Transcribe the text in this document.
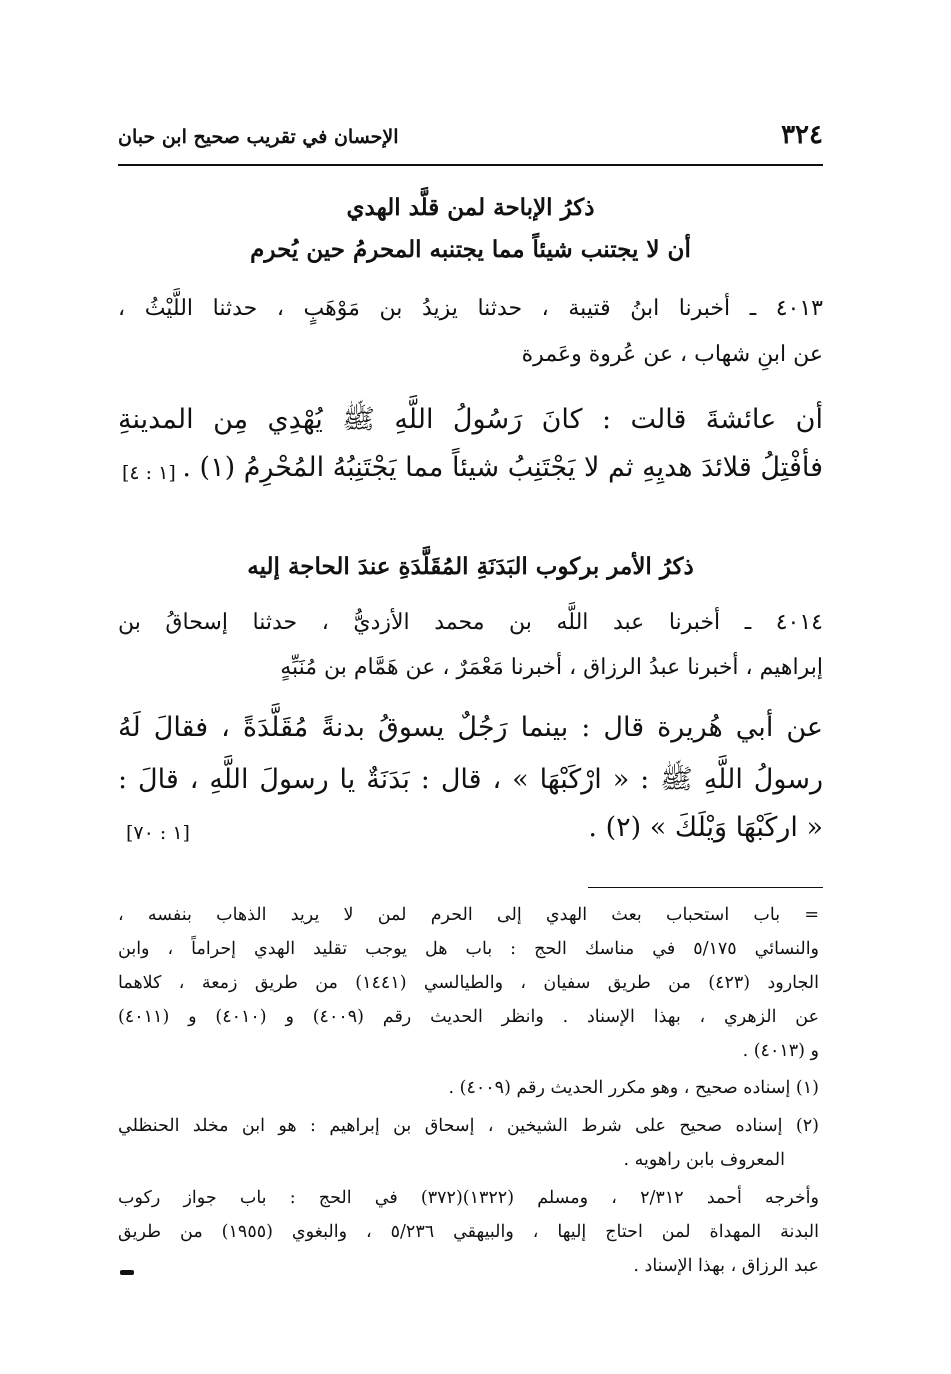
٣٢٤
الإحسان في تقريب صحيح ابن حبان
ذكرُ الإباحة لمن قلَّد الهدي
أن لا يجتنب شيئاً مما يجتنبه المحرمُ حين يُحرم
٤٠١٣ ـ أخبرنا ابنُ قتيبة ، حدثنا يزيدُ بن مَوْهَبٍ ، حدثنا اللَّيْثُ ،
عن ابنِ شهاب ، عن عُروة وعَمرة
أن عائشةَ قالت : كانَ رَسُولُ اللَّهِ ﷺ يُهْدِي مِن المدينةِ
فأفْتِلُ قلائدَ هديِهِ ثم لا يَجْتَنِبُ شيئاً مما يَجْتَنِبُهُ المُحْرِمُ (١) .
[١ : ٤]
ذكرُ الأمر بركوب البَدَنَةِ المُقَلَّدَةِ عندَ الحاجة إليه
٤٠١٤ ـ أخبرنا عبد اللَّه بن محمد الأزديُّ ، حدثنا إسحاقُ بن
إبراهيم ، أخبرنا عبدُ الرزاق ، أخبرنا مَعْمَرٌ ، عن هَمَّام بن مُنَبِّهٍ
عن أبي هُريرة قال : بينما رَجُلٌ يسوقُ بدنةً مُقَلَّدَةً ، فقالَ لَهُ
رسولُ اللَّهِ ﷺ : « ارْكَبْهَا » ، قال : بَدَنَةٌ يا رسولَ اللَّهِ ، قالَ :
« اركَبْهَا وَيْلَكَ » (٢) .
[١ : ٧٠]
= باب استحباب بعث الهدي إلى الحرم لمن لا يريد الذهاب بنفسه ،
والنسائي ٥/١٧٥ في مناسك الحج : باب هل يوجب تقليد الهدي إحراماً ، وابن
الجارود (٤٢٣) من طريق سفيان ، والطيالسي (١٤٤١) من طريق زمعة ، كلاهما
عن الزهري ، بهذا الإسناد . وانظر الحديث رقم (٤٠٠٩) و (٤٠١٠) و (٤٠١١)
و (٤٠١٣) .
(١) إسناده صحيح ، وهو مكرر الحديث رقم (٤٠٠٩) .
(٢) إسناده صحيح على شرط الشيخين ، إسحاق بن إبراهيم : هو ابن مخلد الحنظلي
المعروف بابن راهويه .
وأخرجه أحمد ٢/٣١٢ ، ومسلم (١٣٢٢)(٣٧٢) في الحج : باب جواز ركوب
البدنة المهداة لمن احتاج إليها ، والبيهقي ٥/٢٣٦ ، والبغوي (١٩٥٥) من طريق
عبد الرزاق ، بهذا الإسناد .
